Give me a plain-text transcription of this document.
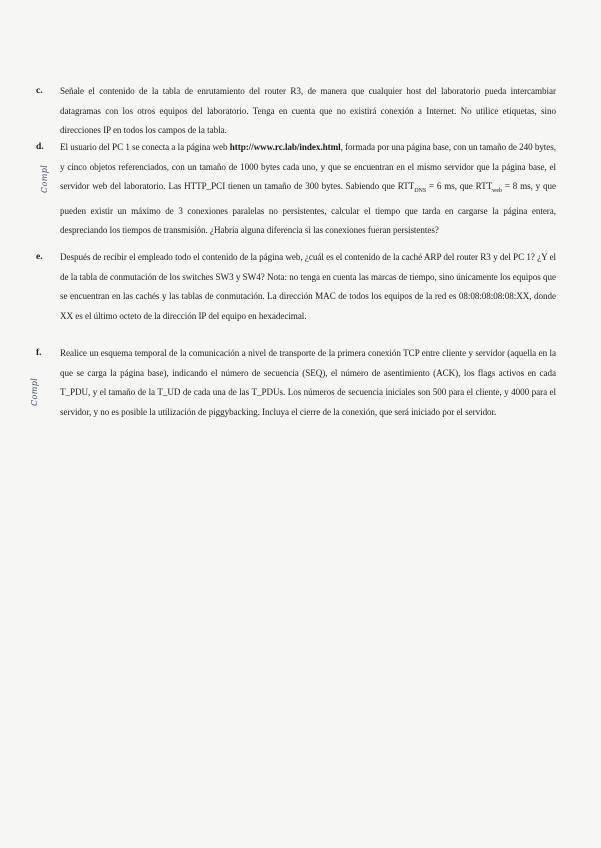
c. Señale el contenido de la tabla de enrutamiento del router R3, de manera que cualquier host del laboratorio pueda intercambiar datagramas con los otros equipos del laboratorio. Tenga en cuenta que no existirá conexión a Internet. No utilice etiquetas, sino direcciones IP en todos los campos de la tabla.
d. El usuario del PC 1 se conecta a la página web http://www.rc.lab/index.html, formada por una página base, con un tamaño de 240 bytes, y cinco objetos referenciados, con un tamaño de 1000 bytes cada uno, y que se encuentran en el mismo servidor que la página base, el servidor web del laboratorio. Las HTTP_PCI tienen un tamaño de 300 bytes. Sabiendo que $RTT_{DNS} = 6$ ms, que $RTT_{web} = 8$ ms, y que pueden existir un máximo de 3 conexiones paralelas no persistentes, calcular el tiempo que tarda en cargarse la página entera, despreciando los tiempos de transmisión. ¿Habría alguna diferencia si las conexiones fueran persistentes?
e. Después de recibir el empleado todo el contenido de la página web, ¿cuál es el contenido de la caché ARP del router R3 y del PC 1? ¿Y el de la tabla de conmutación de los switches SW3 y SW4? Nota: no tenga en cuenta las marcas de tiempo, sino únicamente los equipos que se encuentran en las cachés y las tablas de conmutación. La dirección MAC de todos los equipos de la red es 08:08:08:08:08:XX, donde XX es el último octeto de la dirección IP del equipo en hexadecimal.
f. Realice un esquema temporal de la comunicación a nivel de transporte de la primera conexión TCP entre cliente y servidor (aquella en la que se carga la página base), indicando el número de secuencia (SEQ), el número de asentimiento (ACK), los flags activos en cada T_PDU, y el tamaño de la T_UD de cada una de las T_PDUs. Los números de secuencia iniciales son 500 para el cliente, y 4000 para el servidor, y no es posible la utilización de piggybacking. Incluya el cierre de la conexión, que será iniciado por el servidor.
Compl
Compl
